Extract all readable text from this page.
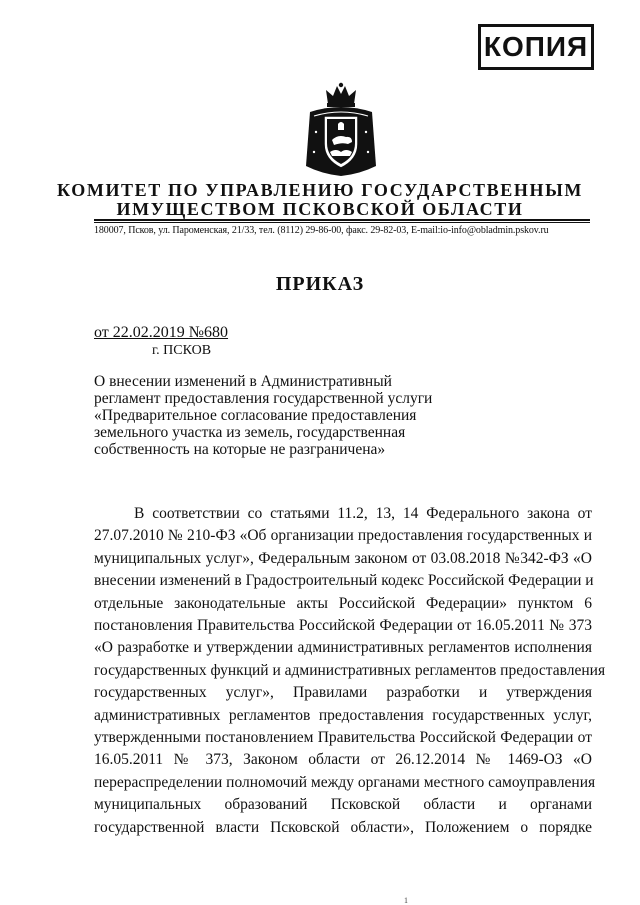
КОПИЯ
КОМИТЕТ ПО УПРАВЛЕНИЮ ГОСУДАРСТВЕННЫМ
ИМУЩЕСТВОМ ПСКОВСКОЙ ОБЛАСТИ
180007, Псков, ул. Пароменская, 21/33, тел. (8112) 29-86-00, факс. 29-82-03, E-mail:io-info@obladmin.pskov.ru
ПРИКАЗ
от 22.02.2019 №680
г. ПСКОВ
О внесении изменений в Административный
регламент предоставления государственной услуги
«Предварительное согласование предоставления
земельного участка из земель, государственная
собственность на которые не разграничена»
В соответствии со статьями 11.2, 13, 14 Федерального закона от
27.07.2010 № 210-ФЗ «Об организации предоставления государственных и
муниципальных услуг», Федеральным законом от 03.08.2018 №342-ФЗ «О
внесении изменений в Градостроительный кодекс Российской Федерации и
отдельные законодательные акты Российской Федерации» пунктом 6
постановления Правительства Российской Федерации от 16.05.2011 № 373
«О разработке и утверждении административных регламентов исполнения
государственных функций и административных регламентов предоставления
государственных услуг», Правилами разработки и утверждения
административных регламентов предоставления государственных услуг,
утвержденными постановлением Правительства Российской Федерации от
16.05.2011 № 373, Законом области от 26.12.2014 № 1469-ОЗ «О
перераспределении полномочий между органами местного самоуправления
муниципальных образований Псковской области и органами
государственной власти Псковской области», Положением о порядке
1
